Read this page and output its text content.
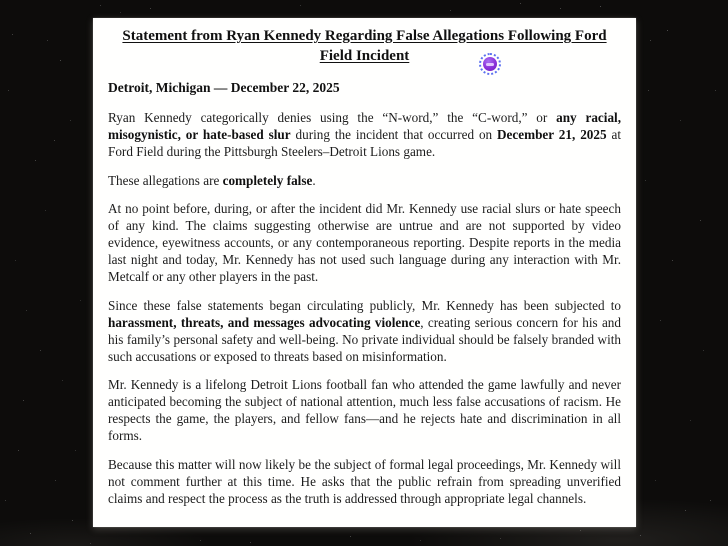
Statement from Ryan Kennedy Regarding False Allegations Following Ford Field Incident
Detroit, Michigan — December 22, 2025

Ryan Kennedy categorically denies using the “N-word,” the “C-word,” or any racial, misogynistic, or hate-based slur during the incident that occurred on December 21, 2025 at Ford Field during the Pittsburgh Steelers–Detroit Lions game.

These allegations are completely false.

At no point before, during, or after the incident did Mr. Kennedy use racial slurs or hate speech of any kind. The claims suggesting otherwise are untrue and are not supported by video evidence, eyewitness accounts, or any contemporaneous reporting. Despite reports in the media last night and today, Mr. Kennedy has not used such language during any interaction with Mr. Metcalf or any other players in the past.

Since these false statements began circulating publicly, Mr. Kennedy has been subjected to harassment, threats, and messages advocating violence, creating serious concern for his and his family’s personal safety and well-being. No private individual should be falsely branded with such accusations or exposed to threats based on misinformation.

Mr. Kennedy is a lifelong Detroit Lions football fan who attended the game lawfully and never anticipated becoming the subject of national attention, much less false accusations of racism. He respects the game, the players, and fellow fans—and he rejects hate and discrimination in all forms.

Because this matter will now likely be the subject of formal legal proceedings, Mr. Kennedy will not comment further at this time. He asks that the public refrain from spreading unverified claims and respect the process as the truth is addressed through appropriate legal channels.
